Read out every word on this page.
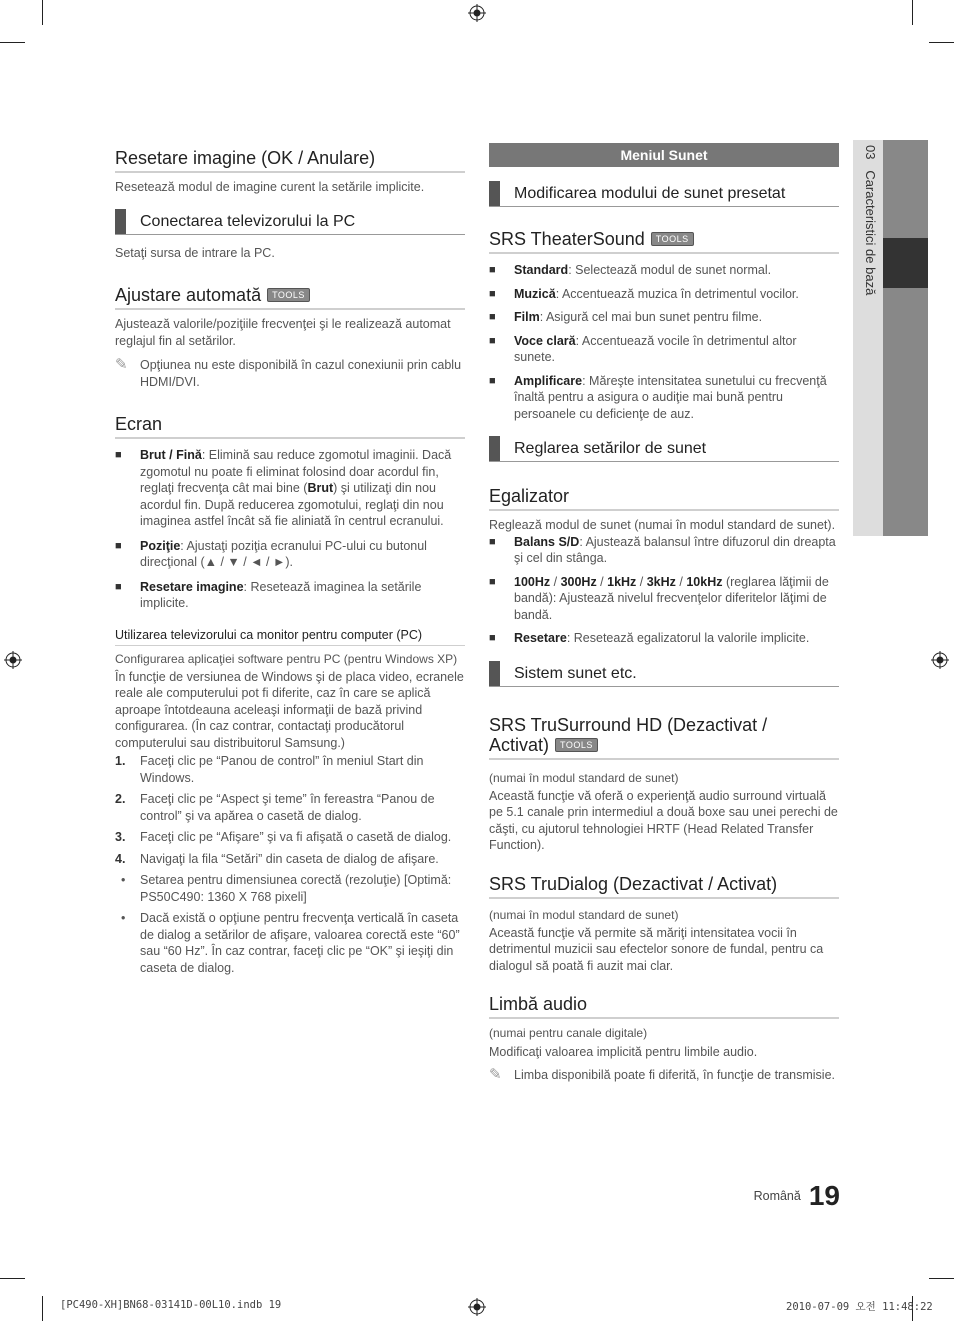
03   Caracteristici de bază
Resetare imagine (OK / Anulare)
Resetează modul de imagine curent la setările implicite.
Conectarea televizorului la PC
Setaţi sursa de intrare la PC.
Ajustare automată TOOLS
Ajustează valorile/poziţiile frecvenţei şi le realizează automat reglajul fin al setărilor.
✎ Opţiunea nu este disponibilă în cazul conexiunii prin cablu HDMI/DVI.
Ecran
■	Brut / Fină: Elimină sau reduce zgomotul imaginii. Dacă zgomotul nu poate fi eliminat folosind doar acordul fin, reglaţi frecvenţa cât mai bine (Brut) şi utilizaţi din nou acordul fin. După reducerea zgomotului, reglaţi din nou imaginea astfel încât să fie aliniată în centrul ecranului.
■	Poziţie: Ajustaţi poziţia ecranului PC-ului cu butonul direcţional (▲ / ▼ / ◄ / ►).
■	Resetare imagine: Resetează imaginea la setările implicite.
Utilizarea televizorului ca monitor pentru computer (PC)
Configurarea aplicaţiei software pentru PC (pentru Windows XP)
În funcţie de versiunea de Windows şi de placa video, ecranele reale ale computerului pot fi diferite, caz în care se aplică aproape întotdeauna aceleaşi informaţii de bază privind configurarea. (În caz contrar, contactaţi producătorul computerului sau distribuitorul Samsung.)
1.	Faceţi clic pe “Panou de control” în meniul Start din Windows.
2.	Faceţi clic pe “Aspect şi teme” în fereastra “Panou de control” şi va apărea o casetă de dialog.
3.	Faceţi clic pe “Afişare” şi va fi afişată o casetă de dialog.
4.	Navigaţi la fila “Setări” din caseta de dialog de afişare.
•	Setarea pentru dimensiunea corectă (rezoluţie) [Optimă: PS50C490: 1360 X 768 pixeli]
•	Dacă există o opţiune pentru frecvenţa verticală în caseta de dialog a setărilor de afişare, valoarea corectă este “60” sau “60 Hz”. În caz contrar, faceţi clic pe “OK” şi ieşiţi din caseta de dialog.
Meniul Sunet
Modificarea modului de sunet presetat
SRS TheaterSound TOOLS
■	Standard: Selectează modul de sunet normal.
■	Muzică: Accentuează muzica în detrimentul vocilor.
■	Film: Asigură cel mai bun sunet pentru filme.
■	Voce clară: Accentuează vocile în detrimentul altor sunete.
■	Amplificare: Măreşte intensitatea sunetului cu frecvenţă înaltă pentru a asigura o audiţie mai bună pentru persoanele cu deficienţe de auz.
Reglarea setărilor de sunet
Egalizator
Reglează modul de sunet (numai în modul standard de sunet).
■	Balans S/D: Ajustează balansul între difuzorul din dreapta şi cel din stânga.
■	100Hz / 300Hz / 1kHz / 3kHz / 10kHz (reglarea lăţimii de bandă): Ajustează nivelul frecvenţelor diferitelor lăţimi de bandă.
■	Resetare: Resetează egalizatorul la valorile implicite.
Sistem sunet etc.
SRS TruSurround HD (Dezactivat /
Activat) TOOLS
(numai în modul standard de sunet)
Această funcţie vă oferă o experienţă audio surround virtuală pe 5.1 canale prin intermediul a două boxe sau unei perechi de căşti, cu ajutorul tehnologiei HRTF (Head Related Transfer Function).
SRS TruDialog (Dezactivat / Activat)
(numai în modul standard de sunet)
Această funcţie vă permite să măriţi intensitatea vocii în detrimentul muzicii sau efectelor sonore de fundal, pentru ca dialogul să poată fi auzit mai clar.
Limbă audio
(numai pentru canale digitale)
Modificaţi valoarea implicită pentru limbile audio.
✎ Limba disponibilă poate fi diferită, în funcţie de transmisie.
$^{Română}$ 19
[PC490-XH]BN68-03141D-00L10.indb 19	2010-07-09 오전 11:48:22
